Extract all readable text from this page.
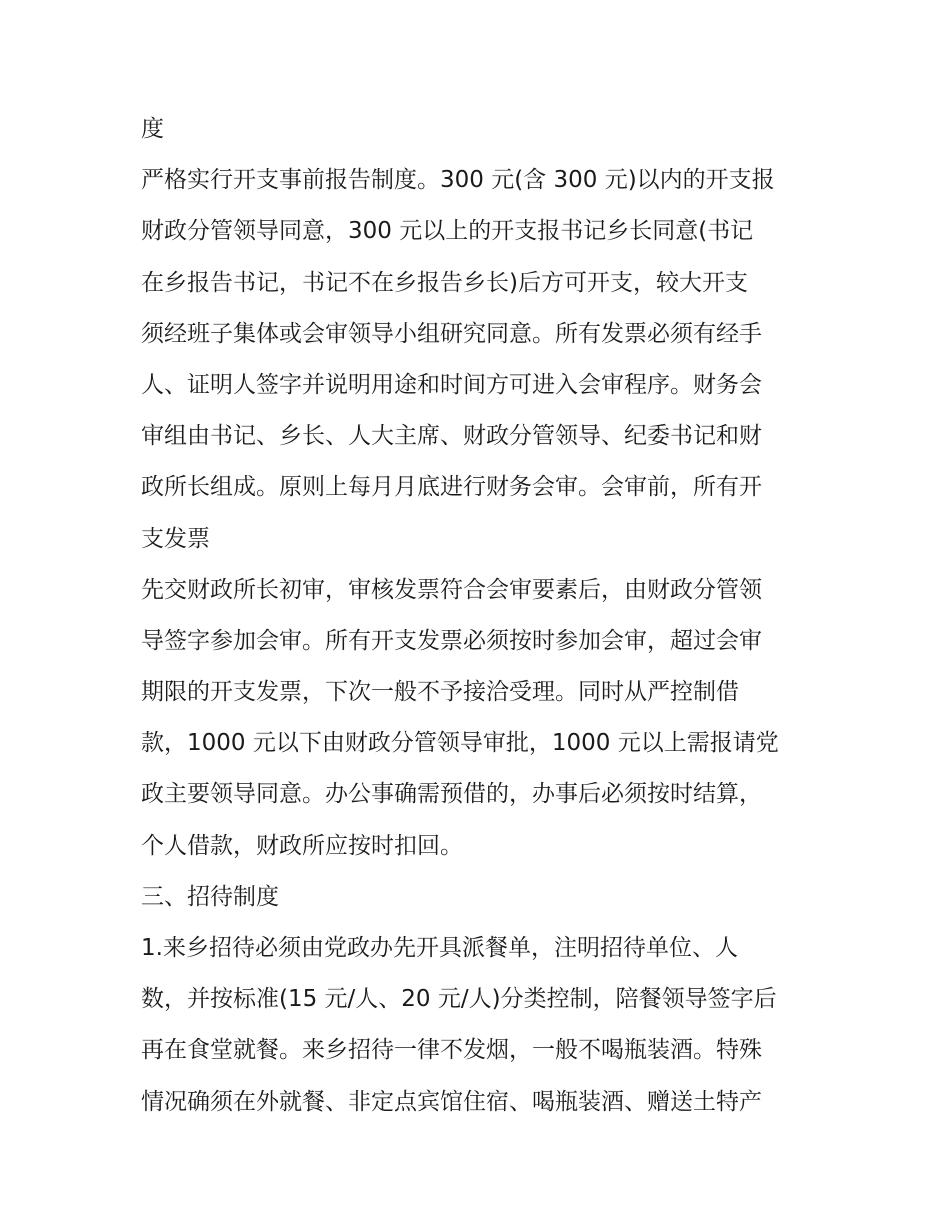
度
严格实行开支事前报告制度。300 元(含 300 元)以内的开支报
财政分管领导同意，300 元以上的开支报书记乡长同意(书记
在乡报告书记，书记不在乡报告乡长)后方可开支，较大开支
须经班子集体或会审领导小组研究同意。所有发票必须有经手
人、证明人签字并说明用途和时间方可进入会审程序。财务会
审组由书记、乡长、人大主席、财政分管领导、纪委书记和财
政所长组成。原则上每月月底进行财务会审。会审前，所有开
支发票
先交财政所长初审，审核发票符合会审要素后，由财政分管领
导签字参加会审。所有开支发票必须按时参加会审，超过会审
期限的开支发票，下次一般不予接洽受理。同时从严控制借
款，1000 元以下由财政分管领导审批，1000 元以上需报请党
政主要领导同意。办公事确需预借的，办事后必须按时结算，
个人借款，财政所应按时扣回。
三、招待制度
1.来乡招待必须由党政办先开具派餐单，注明招待单位、人
数，并按标准(15 元/人、20 元/人)分类控制，陪餐领导签字后
再在食堂就餐。来乡招待一律不发烟，一般不喝瓶装酒。特殊
情况确须在外就餐、非定点宾馆住宿、喝瓶装酒、赠送土特产
